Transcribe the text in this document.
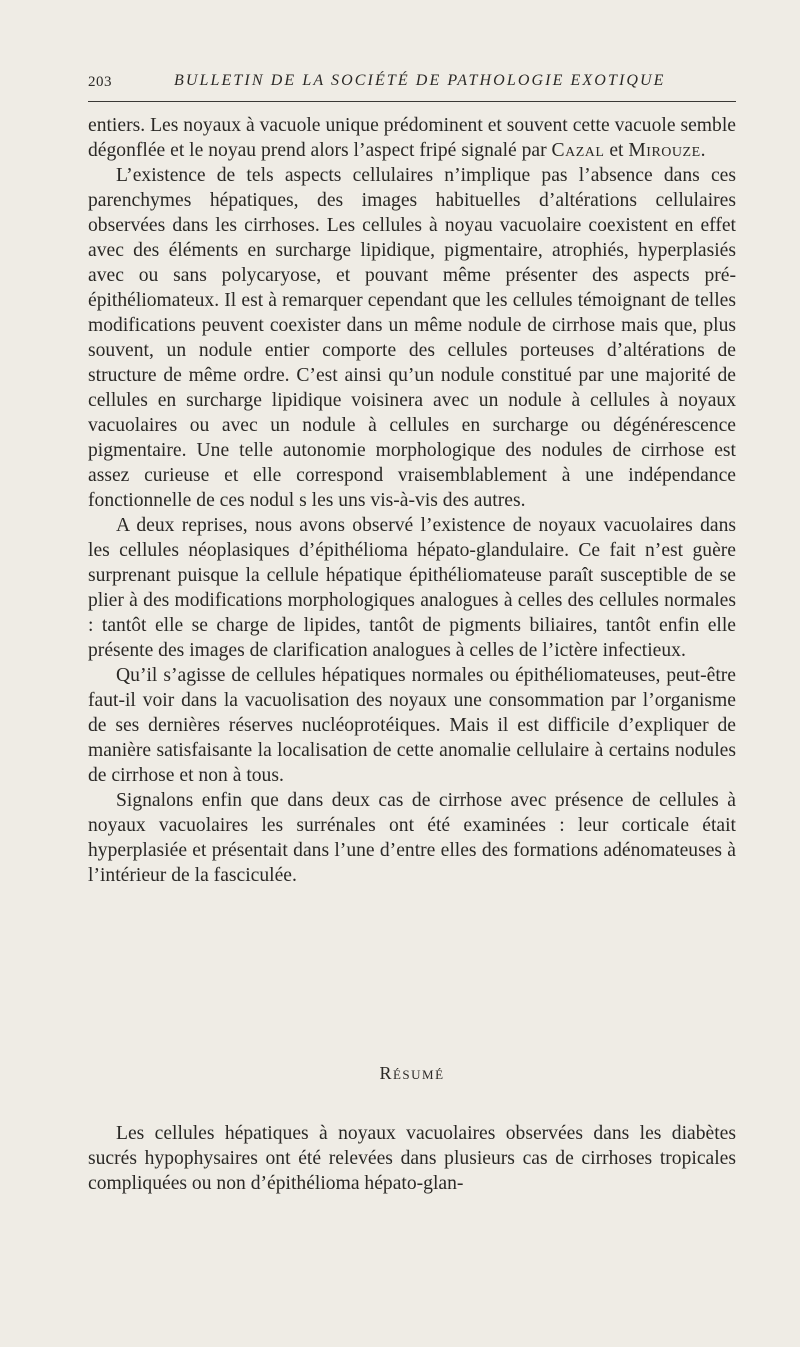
203	BULLETIN DE LA SOCIÉTÉ DE PATHOLOGIE EXOTIQUE

entiers. Les noyaux à vacuole unique prédominent et souvent cette vacuole semble dégonflée et le noyau prend alors l’aspect fripé signalé par Cazal et Mirouze.

L’existence de tels aspects cellulaires n’implique pas l’absence dans ces parenchymes hépatiques, des images habituelles d’altérations cellulaires observées dans les cirrhoses. Les cellules à noyau vacuolaire coexistent en effet avec des éléments en surcharge lipidique, pigmentaire, atrophiés, hyperplasiés avec ou sans polycaryose, et pouvant même présenter des aspects pré-épithéliomateux. Il est à remarquer cependant que les cellules témoignant de telles modifications peuvent coexister dans un même nodule de cirrhose mais que, plus souvent, un nodule entier comporte des cellules porteuses d’altérations de structure de même ordre. C’est ainsi qu’un nodule constitué par une majorité de cellules en surcharge lipidique voisinera avec un nodule à cellules à noyaux vacuolaires ou avec un nodule à cellules en surcharge ou dégénérescence pigmentaire. Une telle autonomie morphologique des nodules de cirrhose est assez curieuse et elle correspond vraisemblablement à une indépendance fonctionnelle de ces nodul s les uns vis-à-vis des autres.

A deux reprises, nous avons observé l’existence de noyaux vacuolaires dans les cellules néoplasiques d’épithélioma hépato-glandulaire. Ce fait n’est guère surprenant puisque la cellule hépatique épithéliomateuse paraît susceptible de se plier à des modifications morphologiques analogues à celles des cellules normales : tantôt elle se charge de lipides, tantôt de pigments biliaires, tantôt enfin elle présente des images de clarification analogues à celles de l’ictère infectieux.

Qu’il s’agisse de cellules hépatiques normales ou épithéliomateuses, peut-être faut-il voir dans la vacuolisation des noyaux une consommation par l’organisme de ses dernières réserves nucléoprotéiques. Mais il est difficile d’expliquer de manière satisfaisante la localisation de cette anomalie cellulaire à certains nodules de cirrhose et non à tous.

Signalons enfin que dans deux cas de cirrhose avec présence de cellules à noyaux vacuolaires les surrénales ont été examinées : leur corticale était hyperplasiée et présentait dans l’une d’entre elles des formations adénomateuses à l’intérieur de la fasciculée.

Résumé

Les cellules hépatiques à noyaux vacuolaires observées dans les diabètes sucrés hypophysaires ont été relevées dans plusieurs cas de cirrhoses tropicales compliquées ou non d’épithélioma hépato-glan-
